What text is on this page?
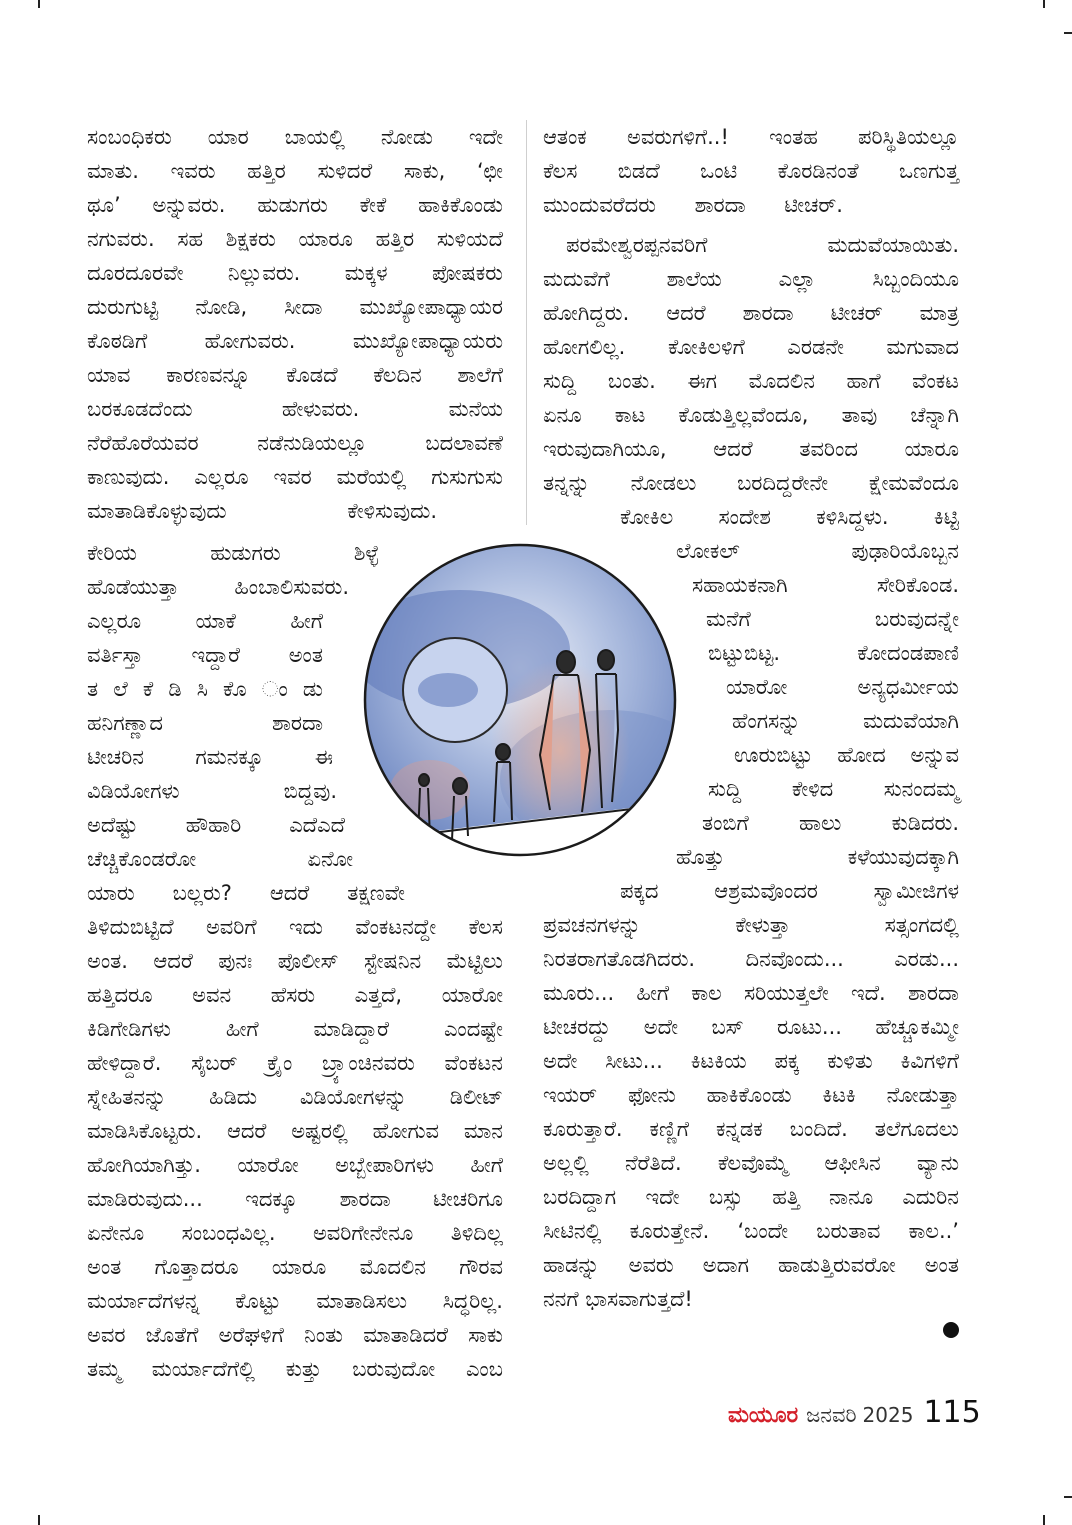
ಸಂಬಂಧಿಕರು ಯಾರ ಬಾಯಲ್ಲಿ ನೋಡು ಇದೇ
ಮಾತು. ಇವರು ಹತ್ತಿರ ಸುಳಿದರೆ ಸಾಕು, ‘ಛೀ
ಥೂ’ ಅನ್ನುವರು. ಹುಡುಗರು ಕೇಕೆ ಹಾಕಿಕೊಂಡು
ನಗುವರು. ಸಹ ಶಿಕ್ಷಕರು ಯಾರೂ ಹತ್ತಿರ ಸುಳಿಯದೆ
ದೂರದೂರವೇ ನಿಲ್ಲುವರು. ಮಕ್ಕಳ ಪೋಷಕರು
ದುರುಗುಟ್ಟಿ ನೋಡಿ, ಸೀದಾ ಮುಖ್ಯೋಪಾಧ್ಯಾಯರ
ಕೊಠಡಿಗೆ	ಹೋಗುವರು.	ಮುಖ್ಯೋಪಾಧ್ಯಾಯರು
ಯಾವ ಕಾರಣವನ್ನೂ ಕೊಡದೆ ಕೆಲದಿನ ಶಾಲೆಗೆ
ಬರಕೂಡದೆಂದು	ಹೇಳುವರು.	ಮನೆಯ
ನೆರೆಹೊರೆಯವರ	ನಡೆನುಡಿಯಲ್ಲೂ	ಬದಲಾವಣೆ
ಕಾಣುವುದು. ಎಲ್ಲರೂ ಇವರ ಮರೆಯಲ್ಲಿ ಗುಸುಗುಸು
ಮಾತಾಡಿಕೊಳ್ಳುವುದು	ಕೇಳಿಸುವುದು.
ಕೇರಿಯ	ಹುಡುಗರು	ಶಿಳ್ಳೆ
ಹೊಡೆಯುತ್ತಾ	ಹಿಂಬಾಲಿಸುವರು.
ಎಲ್ಲರೂ	ಯಾಕೆ	ಹೀಗೆ
ವರ್ತಿಸ್ತಾ ಇದ್ದಾರೆ ಅಂತ
ತ ಲೆ ಕೆ ಡಿ ಸಿ ಕೊ ಂ ಡು
ಹನಿಗಣ್ಣಾದ	ಶಾರದಾ
ಟೀಚರಿನ ಗಮನಕ್ಕೂ ಈ
ವಿಡಿಯೋಗಳು	ಬಿದ್ದವು.
ಅದೆಷ್ಟು ಹೌಹಾರಿ ಎದೆಎದೆ
ಚೆಚ್ಚಿಕೊಂಡರೋ	ಏನೋ
ಯಾರು ಬಲ್ಲರು? ಆದರೆ ತಕ್ಷಣವೇ
ತಿಳಿದುಬಿಟ್ಟಿದೆ ಅವರಿಗೆ ಇದು ವೆಂಕಟನದ್ದೇ ಕೆಲಸ
ಅಂತ. ಆದರೆ ಪುನಃ ಪೊಲೀಸ್ ಸ್ಟೇಷನಿನ ಮೆಟ್ಟಿಲು
ಹತ್ತಿದರೂ ಅವನ ಹೆಸರು ಎತ್ತದೆ, ಯಾರೋ
ಕಿಡಿಗೇಡಿಗಳು	ಹೀಗೆ	ಮಾಡಿದ್ದಾರೆ	ಎಂದಷ್ಟೇ
ಹೇಳಿದ್ದಾರೆ. ಸೈಬರ್ ಕ್ರೈಂ ಬ್ರ್ಯಾಂಚಿನವರು ವೆಂಕಟನ
ಸ್ನೇಹಿತನನ್ನು ಹಿಡಿದು ವಿಡಿಯೋಗಳನ್ನು ಡಿಲೀಟ್
ಮಾಡಿಸಿಕೊಟ್ಟರು. ಆದರೆ ಅಷ್ಟರಲ್ಲಿ ಹೋಗುವ ಮಾನ
ಹೋಗಿಯಾಗಿತ್ತು. ಯಾರೋ ಅಬ್ಬೇಪಾರಿಗಳು ಹೀಗೆ
ಮಾಡಿರುವುದು... ಇದಕ್ಕೂ ಶಾರದಾ ಟೀಚರಿಗೂ
ಏನೇನೂ ಸಂಬಂಧವಿಲ್ಲ. ಅವರಿಗೇನೇನೂ ತಿಳಿದಿಲ್ಲ
ಅಂತ ಗೊತ್ತಾದರೂ ಯಾರೂ ಮೊದಲಿನ ಗೌರವ
ಮರ್ಯಾದೆಗಳನ್ನ ಕೊಟ್ಟು ಮಾತಾಡಿಸಲು ಸಿದ್ಧರಿಲ್ಲ.
ಅವರ ಜೊತೆಗೆ ಅರೆಘಳಿಗೆ ನಿಂತು ಮಾತಾಡಿದರೆ ಸಾಕು
ತಮ್ಮ ಮರ್ಯಾದೆಗೆಲ್ಲಿ ಕುತ್ತು ಬರುವುದೋ ಎಂಬ
ಆತಂಕ ಅವರುಗಳಿಗೆ..! ಇಂತಹ ಪರಿಸ್ಥಿತಿಯಲ್ಲೂ
ಕೆಲಸ ಬಿಡದೆ ಒಂಟಿ ಕೊರಡಿನಂತೆ ಒಣಗುತ್ತ
ಮುಂದುವರೆದರು ಶಾರದಾ ಟೀಚರ್.
ಪರಮೇಶ್ವರಪ್ಪನವರಿಗೆ	ಮದುವೆಯಾಯಿತು.
ಮದುವೆಗೆ	ಶಾಲೆಯ	ಎಲ್ಲಾ	ಸಿಬ್ಬಂದಿಯೂ
ಹೋಗಿದ್ದರು. ಆದರೆ ಶಾರದಾ ಟೀಚರ್ ಮಾತ್ರ
ಹೋಗಲಿಲ್ಲ. ಕೋಕಿಲಳಿಗೆ ಎರಡನೇ ಮಗುವಾದ
ಸುದ್ದಿ ಬಂತು. ಈಗ ಮೊದಲಿನ ಹಾಗೆ ವೆಂಕಟ
ಏನೂ ಕಾಟ ಕೊಡುತ್ತಿಲ್ಲವೆಂದೂ, ತಾವು ಚೆನ್ನಾಗಿ
ಇರುವುದಾಗಿಯೂ, ಆದರೆ ತವರಿಂದ ಯಾರೂ
ತನ್ನನ್ನು ನೋಡಲು ಬರದಿದ್ದರೇನೇ ಕ್ಷೇಮವೆಂದೂ
ಕೋಕಿಲ ಸಂದೇಶ ಕಳಿಸಿದ್ದಳು. ಕಿಟ್ಟಿ
ಲೋಕಲ್	ಪುಢಾರಿಯೊಬ್ಬನ
ಸಹಾಯಕನಾಗಿ	ಸೇರಿಕೊಂಡ.
ಮನೆಗೆ	ಬರುವುದನ್ನೇ
ಬಿಟ್ಟುಬಿಟ್ಟ.	ಕೋದಂಡಪಾಣಿ
ಯಾರೋ	ಅನ್ಯಧರ್ಮೀಯ
ಹೆಂಗಸನ್ನು	ಮದುವೆಯಾಗಿ
ಊರುಬಿಟ್ಟು ಹೋದ ಅನ್ನುವ
ಸುದ್ದಿ ಕೇಳಿದ ಸುನಂದಮ್ಮ
ತಂಬಿಗೆ ಹಾಲು ಕುಡಿದರು.
ಹೊತ್ತು	ಕಳೆಯುವುದಕ್ಕಾಗಿ
ಪಕ್ಕದ	ಆಶ್ರಮವೊಂದರ	ಸ್ವಾಮೀಜಿಗಳ
ಪ್ರವಚನಗಳನ್ನು	ಕೇಳುತ್ತಾ	ಸತ್ಸಂಗದಲ್ಲಿ
ನಿರತರಾಗತೊಡಗಿದರು. ದಿನವೊಂದು... ಎರಡು...
ಮೂರು... ಹೀಗೆ ಕಾಲ ಸರಿಯುತ್ತಲೇ ಇದೆ. ಶಾರದಾ
ಟೀಚರದ್ದು ಅದೇ ಬಸ್ ರೂಟು... ಹೆಚ್ಚೂಕಮ್ಮೀ
ಅದೇ ಸೀಟು... ಕಿಟಕಿಯ ಪಕ್ಕ ಕುಳಿತು ಕಿವಿಗಳಿಗೆ
ಇಯರ್ ಫೋನು ಹಾಕಿಕೊಂಡು ಕಿಟಕಿ ನೋಡುತ್ತಾ
ಕೂರುತ್ತಾರೆ. ಕಣ್ಣಿಗೆ ಕನ್ನಡಕ ಬಂದಿದೆ. ತಲೆಗೂದಲು
ಅಲ್ಲಲ್ಲಿ ನೆರೆತಿದೆ. ಕೆಲವೊಮ್ಮೆ ಆಫೀಸಿನ ವ್ಯಾನು
ಬರದಿದ್ದಾಗ ಇದೇ ಬಸ್ಸು ಹತ್ತಿ ನಾನೂ ಎದುರಿನ
ಸೀಟಿನಲ್ಲಿ ಕೂರುತ್ತೇನೆ. ‘ಬಂದೇ ಬರುತಾವ ಕಾಲ..’
ಹಾಡನ್ನು ಅವರು ಅದಾಗ ಹಾಡುತ್ತಿರುವರೋ ಅಂತ
ನನಗೆ ಭಾಸವಾಗುತ್ತದೆ!
ಮಯೂರ ಜನವರಿ 2025 115
